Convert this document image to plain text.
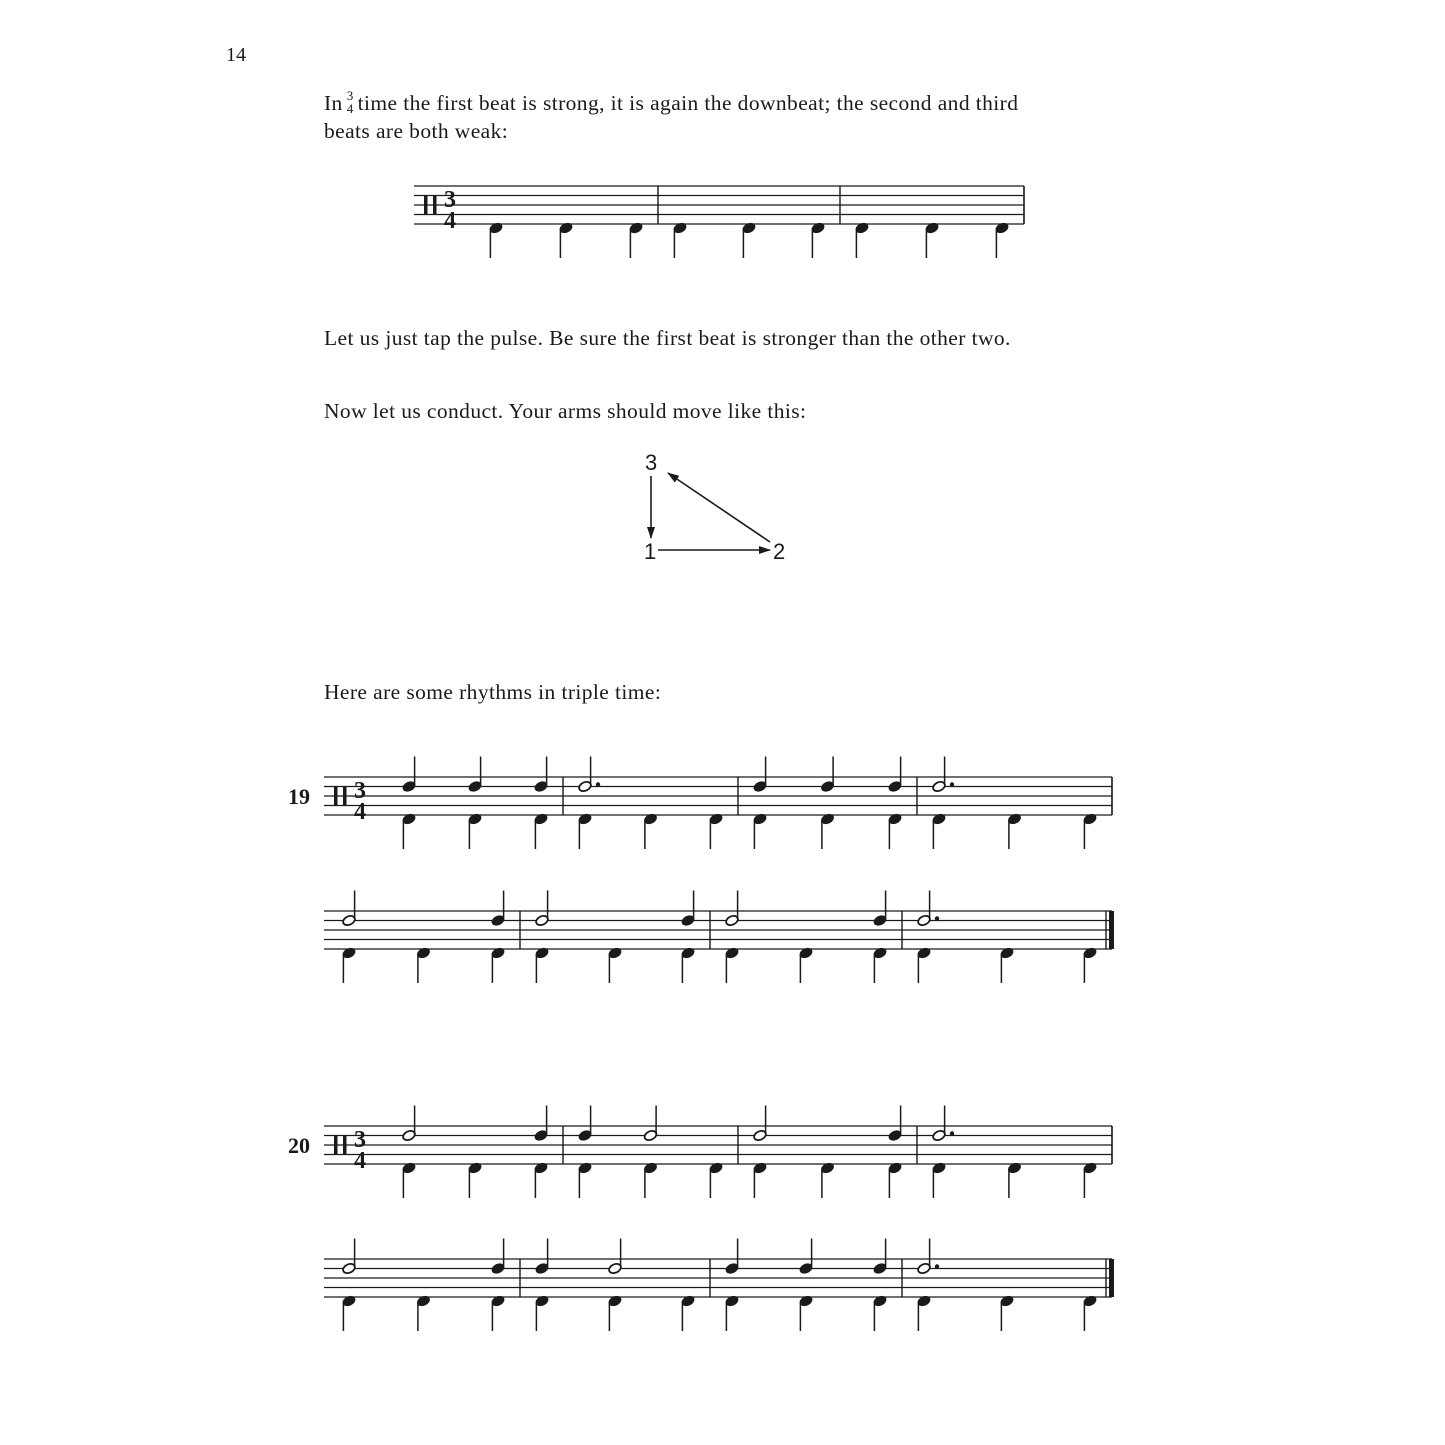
14
In 3
4 time the first beat is strong, it is again the downbeat; the second and third
beats are both weak:
Let us just tap the pulse. Be sure the first beat is stronger than the other two.
Now let us conduct. Your arms should move like this:
3
1	2
Here are some rhythms in triple time:
3
4
3
4
19
3
4
20
